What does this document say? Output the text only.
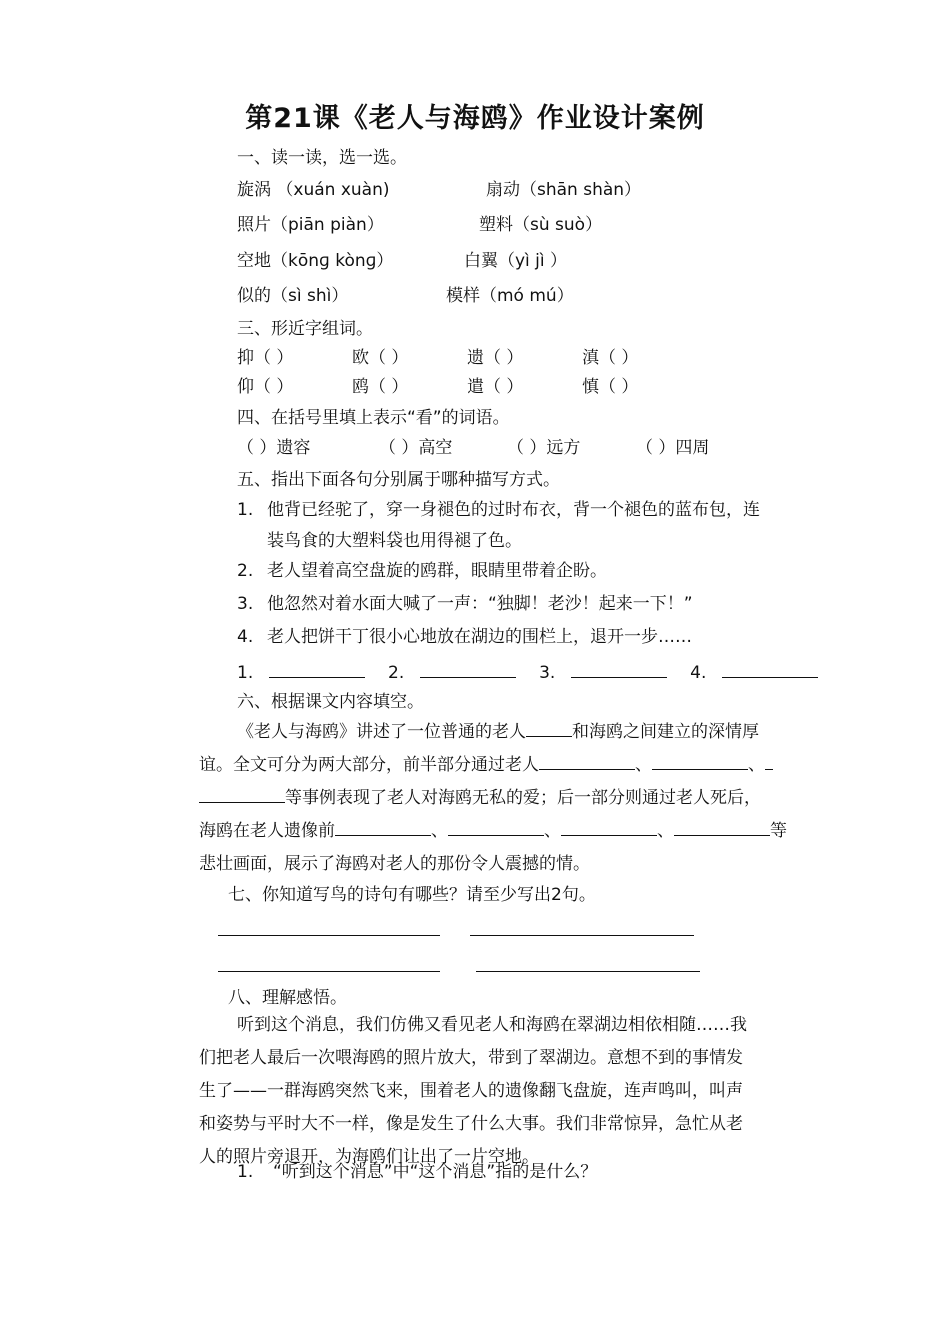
第21课《老人与海鸥》作业设计案例
一、读一读，选一选。
旋涡 （xuán xuàn)	扇动（shān shàn）
照片（piān piàn）	塑料（sù suò）
空地（kōnɡ kònɡ）	白翼（yì jì ）
似的（sì shì）	模样（mó mú）
三、形近字组词。
抑（ ）	欧（ ）	遗（ ）	滇（ ）
仰（ ）	鸥（ ）	遣（ ）	慎（ ）
四、在括号里填上表示“看”的词语。
（ ）遗容	（ ）高空	（ ）远方	（ ）四周
五、指出下面各句分别属于哪种描写方式。
1. 他背已经驼了，穿一身褪色的过时布衣，背一个褪色的蓝布包，连
装鸟食的大塑料袋也用得褪了色。
2. 老人望着高空盘旋的鸥群，眼睛里带着企盼。
3. 他忽然对着水面大喊了一声：“独脚！老沙！起来一下！”
4. 老人把饼干丁很小心地放在湖边的围栏上，退开一步……
1.	2.	3.	4.
六、根据课文内容填空。
《老人与海鸥》讲述了一位普通的老人	和海鸥之间建立的深情厚
谊。全文可分为两大部分，前半部分通过老人	、	、
等事例表现了老人对海鸥无私的爱；后一部分则通过老人死后，
海鸥在老人遗像前	、	、	、	等
悲壮画面，展示了海鸥对老人的那份令人震撼的情。
七、你知道写鸟的诗句有哪些？请至少写出2句。
八、理解感悟。
听到这个消息，我们仿佛又看见老人和海鸥在翠湖边相依相随……我
们把老人最后一次喂海鸥的照片放大，带到了翠湖边。意想不到的事情发
生了——一群海鸥突然飞来，围着老人的遗像翻飞盘旋，连声鸣叫，叫声
和姿势与平时大不一样，像是发生了什么大事。我们非常惊异，急忙从老
人的照片旁退开，为海鸥们让出了一片空地。
1. “听到这个消息”中“这个消息”指的是什么？
